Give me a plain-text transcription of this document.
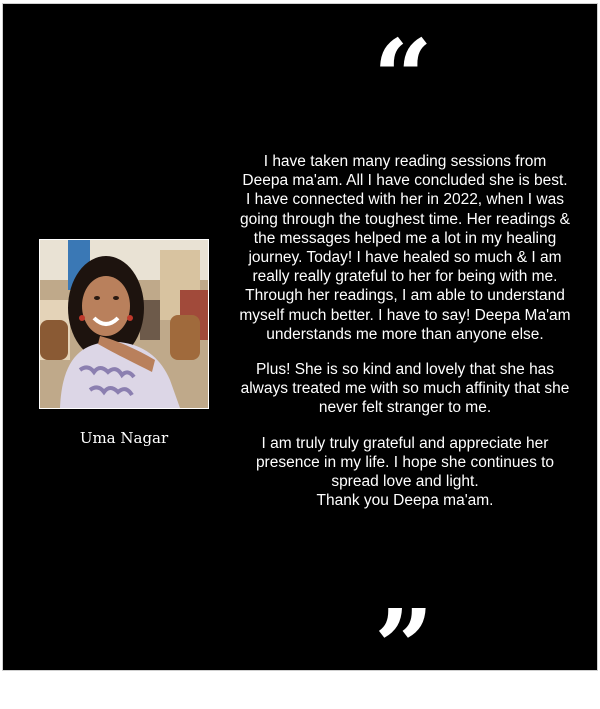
“
Uma Nagar

I have taken many reading sessions from Deepa ma'am. All I have concluded she is best. I have connected with her in 2022, when I was going through the toughest time. Her readings & the messages helped me a lot in my healing journey. Today! I have healed so much & I am really really grateful to her for being with me. Through her readings, I am able to understand myself much better. I have to say! Deepa Ma'am understands me more than anyone else.

Plus! She is so kind and lovely that she has always treated me with so much affinity that she never felt stranger to me.

I am truly truly grateful and appreciate her presence in my life. I hope she continues to spread love and light.

Thank you Deepa ma'am.

”
